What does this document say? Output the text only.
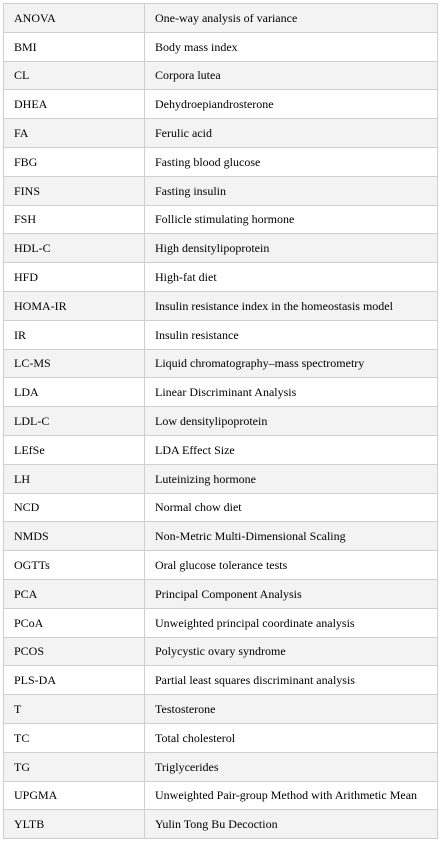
ANOVA	One-way analysis of variance
BMI	Body mass index
CL	Corpora lutea
DHEA	Dehydroepiandrosterone
FA	Ferulic acid
FBG	Fasting blood glucose
FINS	Fasting insulin
FSH	Follicle stimulating hormone
HDL-C	High densitylipoprotein
HFD	High-fat diet
HOMA-IR	Insulin resistance index in the homeostasis model
IR	Insulin resistance
LC-MS	Liquid chromatography–mass spectrometry
LDA	Linear Discriminant Analysis
LDL-C	Low densitylipoprotein
LEfSe	LDA Effect Size
LH	Luteinizing hormone
NCD	Normal chow diet
NMDS	Non-Metric Multi-Dimensional Scaling
OGTTs	Oral glucose tolerance tests
PCA	Principal Component Analysis
PCoA	Unweighted principal coordinate analysis
PCOS	Polycystic ovary syndrome
PLS-DA	Partial least squares discriminant analysis
T	Testosterone
TC	Total cholesterol
TG	Triglycerides
UPGMA	Unweighted Pair-group Method with Arithmetic Mean
YLTB	Yulin Tong Bu Decoction
